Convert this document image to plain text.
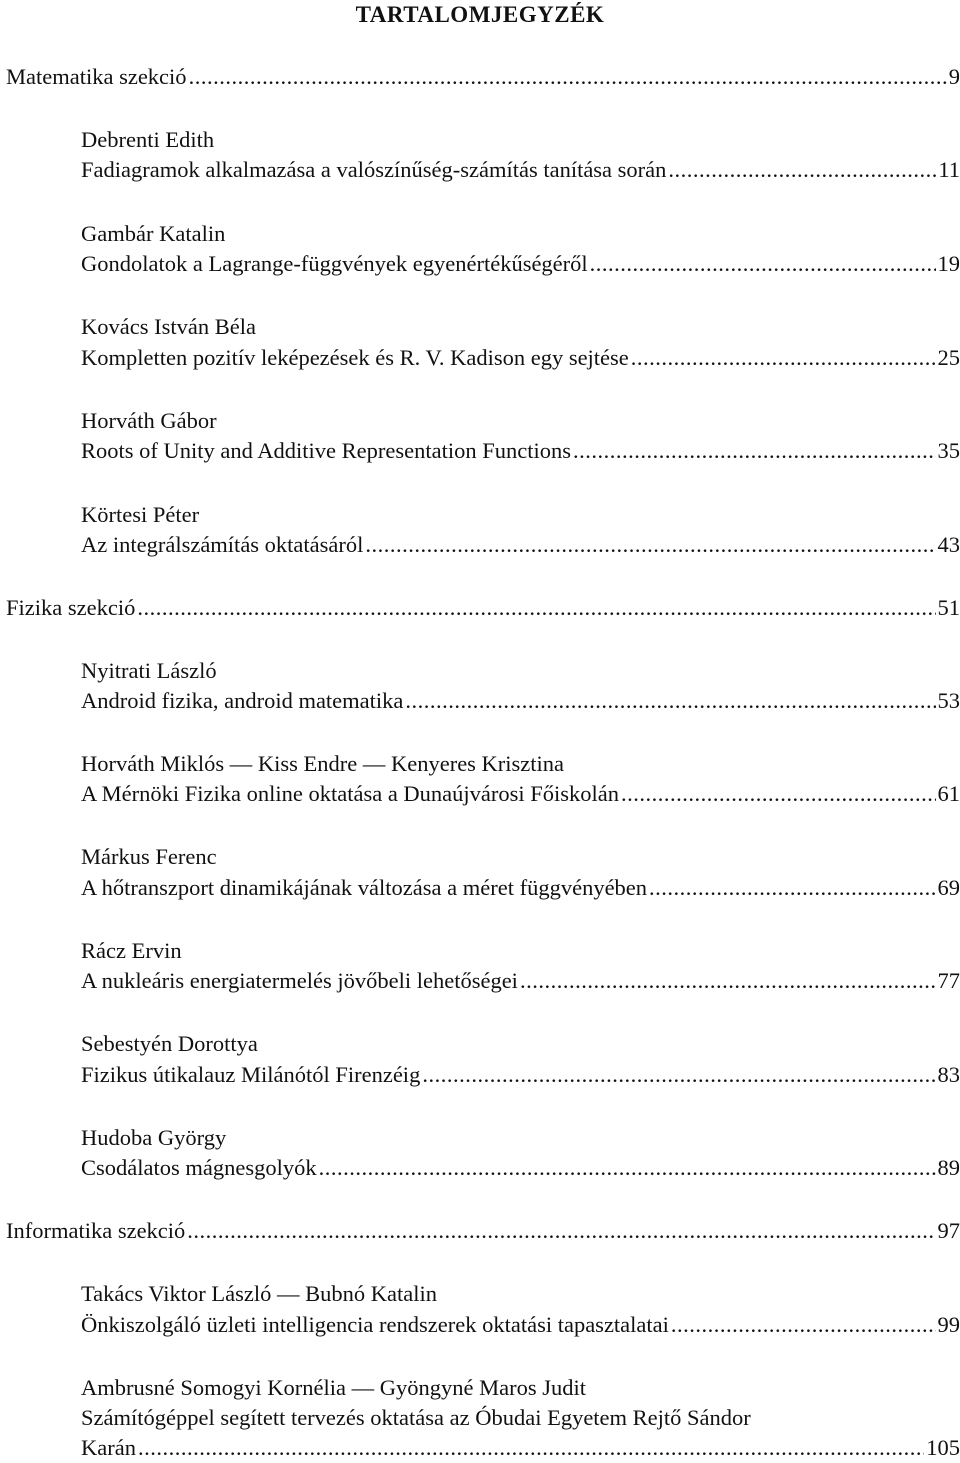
TARTALOMJEGYZÉK
Matematika szekció .....	9
Debrenti Edith
Fadiagramok alkalmazása a valószínűség-számítás tanítása során .....	11
Gambár Katalin
Gondolatok a Lagrange-függvények egyenértékűségéről .....	19
Kovács István Béla
Kompletten pozitív leképezések és R. V. Kadison egy sejtése .....	25
Horváth Gábor
Roots of Unity and Additive Representation Functions .....	35
Körtesi Péter
Az integrálszámítás oktatásáról .....	43
Fizika szekció .....	51
Nyitrati László
Android fizika, android matematika .....	53
Horváth Miklós ― Kiss Endre ― Kenyeres Krisztina
A Mérnöki Fizika online oktatása a Dunaújvárosi Főiskolán .....	61
Márkus Ferenc
A hőtranszport dinamikájának változása a méret függvényében .....	69
Rácz Ervin
A nukleáris energiatermelés jövőbeli lehetőségei .....	77
Sebestyén Dorottya
Fizikus útikalauz Milánótól Firenzéig .....	83
Hudoba György
Csodálatos mágnesgolyók .....	89
Informatika szekció .....	97
Takács Viktor László ― Bubnó Katalin
Önkiszolgáló üzleti intelligencia rendszerek oktatási tapasztalatai .....	99
Ambrusné Somogyi Kornélia ― Gyöngyné Maros Judit
Számítógéppel segített tervezés oktatása az Óbudai Egyetem Rejtő Sándor
Karán .....	105
